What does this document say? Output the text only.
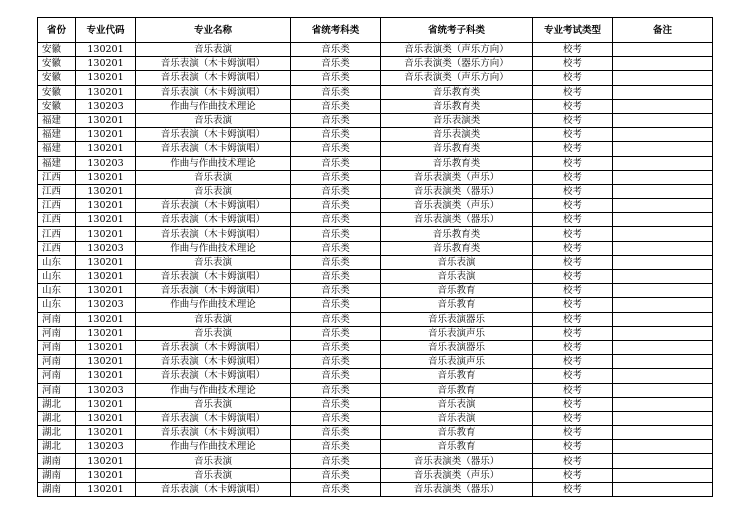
省份	专业代码	专业名称	省统考科类	省统考子科类	专业考试类型	备注
安徽	130201	音乐表演	音乐类	音乐表演类（声乐方向）	校考	
安徽	130201	音乐表演（木卡姆演唱）	音乐类	音乐表演类（器乐方向）	校考	
安徽	130201	音乐表演（木卡姆演唱）	音乐类	音乐表演类（声乐方向）	校考	
安徽	130201	音乐表演（木卡姆演唱）	音乐类	音乐教育类	校考	
安徽	130203	作曲与作曲技术理论	音乐类	音乐教育类	校考	
福建	130201	音乐表演	音乐类	音乐表演类	校考	
福建	130201	音乐表演（木卡姆演唱）	音乐类	音乐表演类	校考	
福建	130201	音乐表演（木卡姆演唱）	音乐类	音乐教育类	校考	
福建	130203	作曲与作曲技术理论	音乐类	音乐教育类	校考	
江西	130201	音乐表演	音乐类	音乐表演类（声乐）	校考	
江西	130201	音乐表演	音乐类	音乐表演类（器乐）	校考	
江西	130201	音乐表演（木卡姆演唱）	音乐类	音乐表演类（声乐）	校考	
江西	130201	音乐表演（木卡姆演唱）	音乐类	音乐表演类（器乐）	校考	
江西	130201	音乐表演（木卡姆演唱）	音乐类	音乐教育类	校考	
江西	130203	作曲与作曲技术理论	音乐类	音乐教育类	校考	
山东	130201	音乐表演	音乐类	音乐表演	校考	
山东	130201	音乐表演（木卡姆演唱）	音乐类	音乐表演	校考	
山东	130201	音乐表演（木卡姆演唱）	音乐类	音乐教育	校考	
山东	130203	作曲与作曲技术理论	音乐类	音乐教育	校考	
河南	130201	音乐表演	音乐类	音乐表演器乐	校考	
河南	130201	音乐表演	音乐类	音乐表演声乐	校考	
河南	130201	音乐表演（木卡姆演唱）	音乐类	音乐表演器乐	校考	
河南	130201	音乐表演（木卡姆演唱）	音乐类	音乐表演声乐	校考	
河南	130201	音乐表演（木卡姆演唱）	音乐类	音乐教育	校考	
河南	130203	作曲与作曲技术理论	音乐类	音乐教育	校考	
湖北	130201	音乐表演	音乐类	音乐表演	校考	
湖北	130201	音乐表演（木卡姆演唱）	音乐类	音乐表演	校考	
湖北	130201	音乐表演（木卡姆演唱）	音乐类	音乐教育	校考	
湖北	130203	作曲与作曲技术理论	音乐类	音乐教育	校考	
湖南	130201	音乐表演	音乐类	音乐表演类（器乐）	校考	
湖南	130201	音乐表演	音乐类	音乐表演类（声乐）	校考	
湖南	130201	音乐表演（木卡姆演唱）	音乐类	音乐表演类（器乐）	校考	
